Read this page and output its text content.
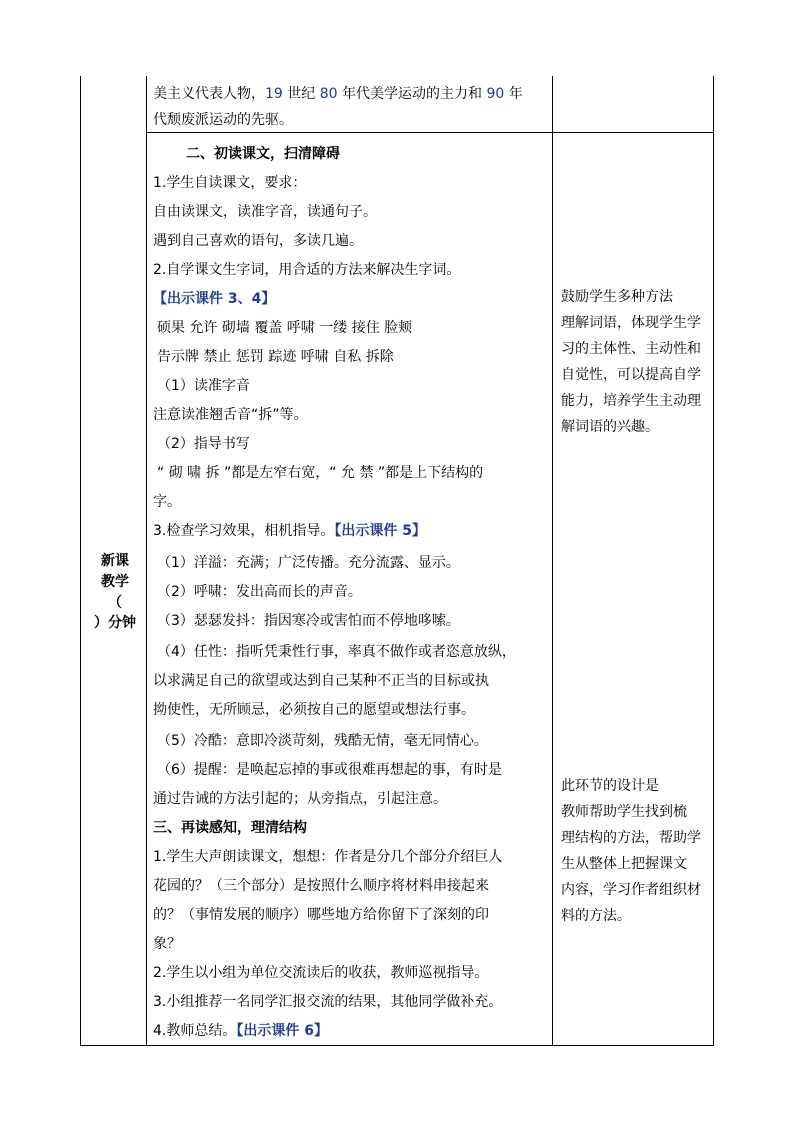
美主义代表人物，19 世纪 80 年代美学运动的主力和 90 年
代颓废派运动的先驱。
新课
教学
（
）分钟
二、初读课文，扫清障碍
1.学生自读课文，要求：
自由读课文，读准字音，读通句子。
遇到自己喜欢的语句，多读几遍。
2.自学课文生字词，用合适的方法来解决生字词。
【出示课件 3、4】
硕果 允许 砌墙 覆盖 呼啸 一缕 接住 脸颊
告示牌 禁止 惩罚 踪迹 呼啸 自私 拆除
（1）读准字音
注意读准翘舌音“拆”等。
（2）指导书写
“ 砌 啸 拆 ”都是左窄右宽，“ 允 禁 ”都是上下结构的
字。
3.检查学习效果，相机指导。【出示课件 5】
（1）洋溢：充满；广泛传播。充分流露、显示。
（2）呼啸：发出高而长的声音。
（3）瑟瑟发抖：指因寒冷或害怕而不停地哆嗦。
（4）任性：指听凭秉性行事，率真不做作或者恣意放纵，
以求满足自己的欲望或达到自己某种不正当的目标或执
拗使性，无所顾忌，必须按自己的愿望或想法行事。
（5）冷酷：意即冷淡苛刻，残酷无情，毫无同情心。
（6）提醒：是唤起忘掉的事或很难再想起的事，有时是
通过告诫的方法引起的；从旁指点，引起注意。
三、再读感知，理清结构
1.学生大声朗读课文，想想：作者是分几个部分介绍巨人
花园的？（三个部分）是按照什么顺序将材料串接起来
的？（事情发展的顺序）哪些地方给你留下了深刻的印
象？
2.学生以小组为单位交流读后的收获，教师巡视指导。
3.小组推荐一名同学汇报交流的结果，其他同学做补充。
4.教师总结。【出示课件 6】
鼓励学生多种方法
理解词语，体现学生学
习的主体性、主动性和
自觉性，可以提高自学
能力，培养学生主动理
解词语的兴趣。
此环节的设计是
教师帮助学生找到梳
理结构的方法，帮助学
生从整体上把握课文
内容，学习作者组织材
料的方法。
